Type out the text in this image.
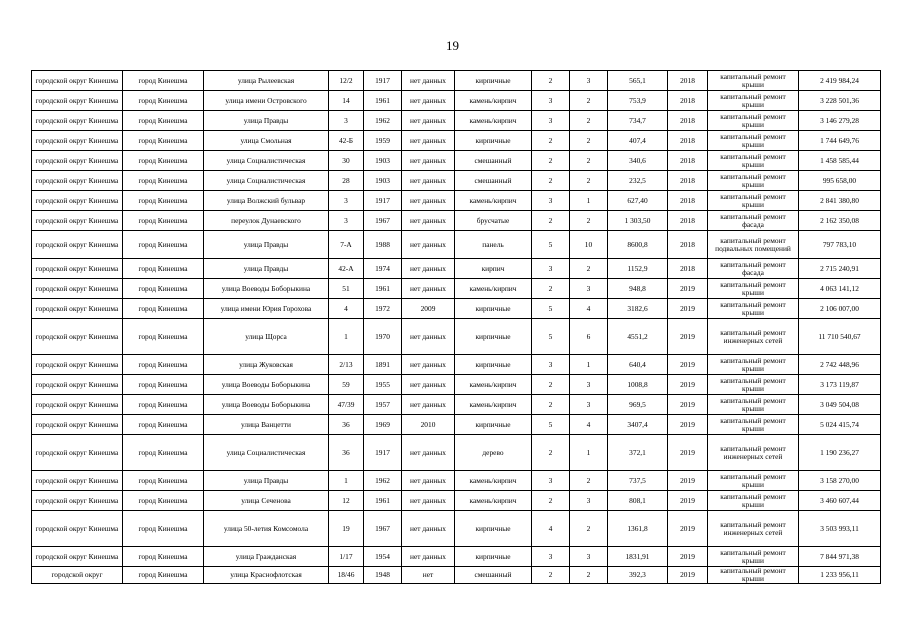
19
городской округ Кинешма	город Кинешма	улица Рылеевская	12/2	1917	нет данных	кирпичные	2	3	565,1	2018	капитальный ремонт крыши	2 419 984,24
городской округ Кинешма	город Кинешма	улица имени Островского	14	1961	нет данных	камень/кирпич	3	2	753,9	2018	капитальный ремонт крыши	3 228 501,36
городской округ Кинешма	город Кинешма	улица Правды	3	1962	нет данных	камень/кирпич	3	2	734,7	2018	капитальный ремонт крыши	3 146 279,28
городской округ Кинешма	город Кинешма	улица Смольная	42-Б	1959	нет данных	кирпичные	2	2	407,4	2018	капитальный ремонт крыши	1 744 649,76
городской округ Кинешма	город Кинешма	улица Социалистическая	30	1903	нет данных	смешанный	2	2	340,6	2018	капитальный ремонт крыши	1 458 585,44
городской округ Кинешма	город Кинешма	улица Социалистическая	28	1903	нет данных	смешанный	2	2	232,5	2018	капитальный ремонт крыши	995 658,00
городской округ Кинешма	город Кинешма	улица Волжский бульвар	3	1917	нет данных	камень/кирпич	3	1	627,40	2018	капитальный ремонт крыши	2 841 380,80
городской округ Кинешма	город Кинешма	переулок Дунаевского	3	1967	нет данных	брусчатые	2	2	1 303,50	2018	капитальный ремонт фасада	2 162 350,08
городской округ Кинешма	город Кинешма	улица Правды	7-А	1988	нет данных	панель	5	10	8600,8	2018	капитальный ремонт подвальных помещений	797 783,10
городской округ Кинешма	город Кинешма	улица Правды	42-А	1974	нет данных	кирпич	3	2	1152,9	2018	капитальный ремонт фасада	2 715 240,91
городской округ Кинешма	город Кинешма	улица Воеводы Боборыкина	51	1961	нет данных	камень/кирпич	2	3	948,8	2019	капитальный ремонт крыши	4 063 141,12
городской округ Кинешма	город Кинешма	улица имени Юрия Горохова	4	1972	2009	кирпичные	5	4	3182,6	2019	капитальный ремонт крыши	2 106 007,00
городской округ Кинешма	город Кинешма	улица Щорса	1	1970	нет данных	кирпичные	5	6	4551,2	2019	капитальный ремонт инженерных сетей	11 710 540,67
городской округ Кинешма	город Кинешма	улица Жуковская	2/13	1891	нет данных	кирпичные	3	1	640,4	2019	капитальный ремонт крыши	2 742 448,96
городской округ Кинешма	город Кинешма	улица Воеводы Боборыкина	59	1955	нет данных	камень/кирпич	2	3	1008,8	2019	капитальный ремонт крыши	3 173 119,87
городской округ Кинешма	город Кинешма	улица Воеводы Боборыкина	47/39	1957	нет данных	камень/кирпич	2	3	969,5	2019	капитальный ремонт крыши	3 049 504,08
городской округ Кинешма	город Кинешма	улица Ванцетти	36	1969	2010	кирпичные	5	4	3407,4	2019	капитальный ремонт крыши	5 024 415,74
городской округ Кинешма	город Кинешма	улица Социалистическая	36	1917	нет данных	дерево	2	1	372,1	2019	капитальный ремонт инженерных сетей	1 190 236,27
городской округ Кинешма	город Кинешма	улица Правды	1	1962	нет данных	камень/кирпич	3	2	737,5	2019	капитальный ремонт крыши	3 158 270,00
городской округ Кинешма	город Кинешма	улица Сеченова	12	1961	нет данных	камень/кирпич	2	3	808,1	2019	капитальный ремонт крыши	3 460 607,44
городской округ Кинешма	город Кинешма	улица 50-летия Комсомола	19	1967	нет данных	кирпичные	4	2	1361,8	2019	капитальный ремонт инженерных сетей	3 503 993,11
городской округ Кинешма	город Кинешма	улица Гражданская	1/17	1954	нет данных	кирпичные	3	3	1831,91	2019	капитальный ремонт крыши	7 844 971,38
городской округ	город Кинешма	улица Краснофлотская	18/46	1948	нет	смешанный	2	2	392,3	2019	капитальный ремонт крыши	1 233 956,11
